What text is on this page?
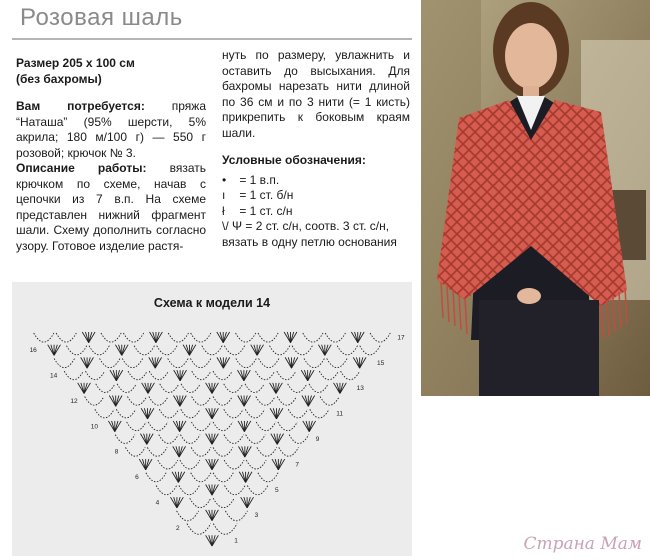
Розовая шаль

Размер 205 х 100 см

(без бахромы)

Вам потребуется: пряжа “Наташа” (95% шерсти, 5% акрила; 180 м/100 г) — 550 г розовой; крючок № 3.

Описание работы: вязать крючком по схеме, начав с цепочки из 7 в.п. На схеме представлен нижний фрагмент шали. Схему дополнить согласно узору. Готовое изделие растя-

нуть по размеру, увлажнить и оставить до высыхания. Для бахромы нарезать нити длиной по 36 см и по 3 нити (= 1 кисть) прикрепить к боковым краям шали.

Условные обозначения:

• = 1 в.п.
ı = 1 ст. б/н
ł = 1 ст. с/н

\/ Ψ = 2 ст. с/н, соотв. 3 ст. с/н, вязать в одну петлю основания

Схема к модели 14
1
2
3
4
5
6
7
8
9
10
11
12
13
14
15
16
17
Страна Мам
